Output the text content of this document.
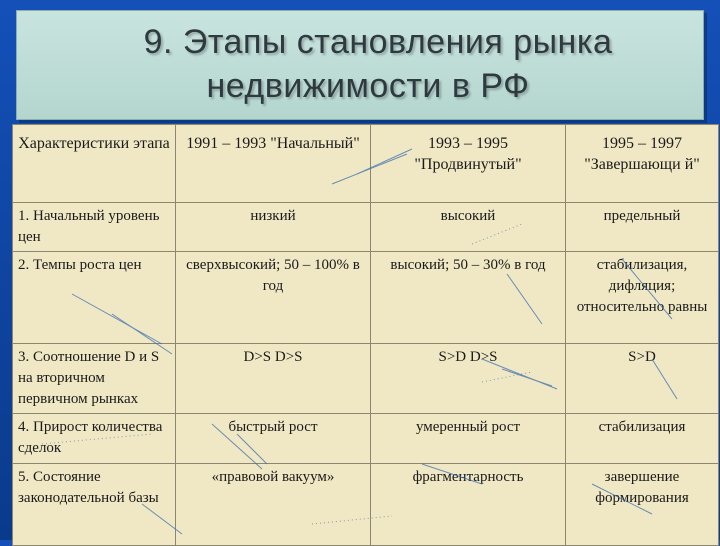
9. Этапы становления рынка
недвижимости в РФ
Характеристики этапа	1991 – 1993 "Начальный"	1993 – 1995 "Продвинутый"	1995 – 1997 "Завершающи й"
1. Начальный уровень цен	низкий	высокий	предельный
2. Темпы роста цен	сверхвысокий; 50 – 100% в год	высокий; 50 – 30% в год	стабилизация, дифляция; относительно равны
3. Соотношение D и S на вторичном первичном рынках	D>S D>S	S>D D>S	S>D
4. Прирост количества сделок	быстрый рост	умеренный рост	стабилизация
5. Состояние законодательной базы	«правовой вакуум»	фрагментарность	завершение формирования
